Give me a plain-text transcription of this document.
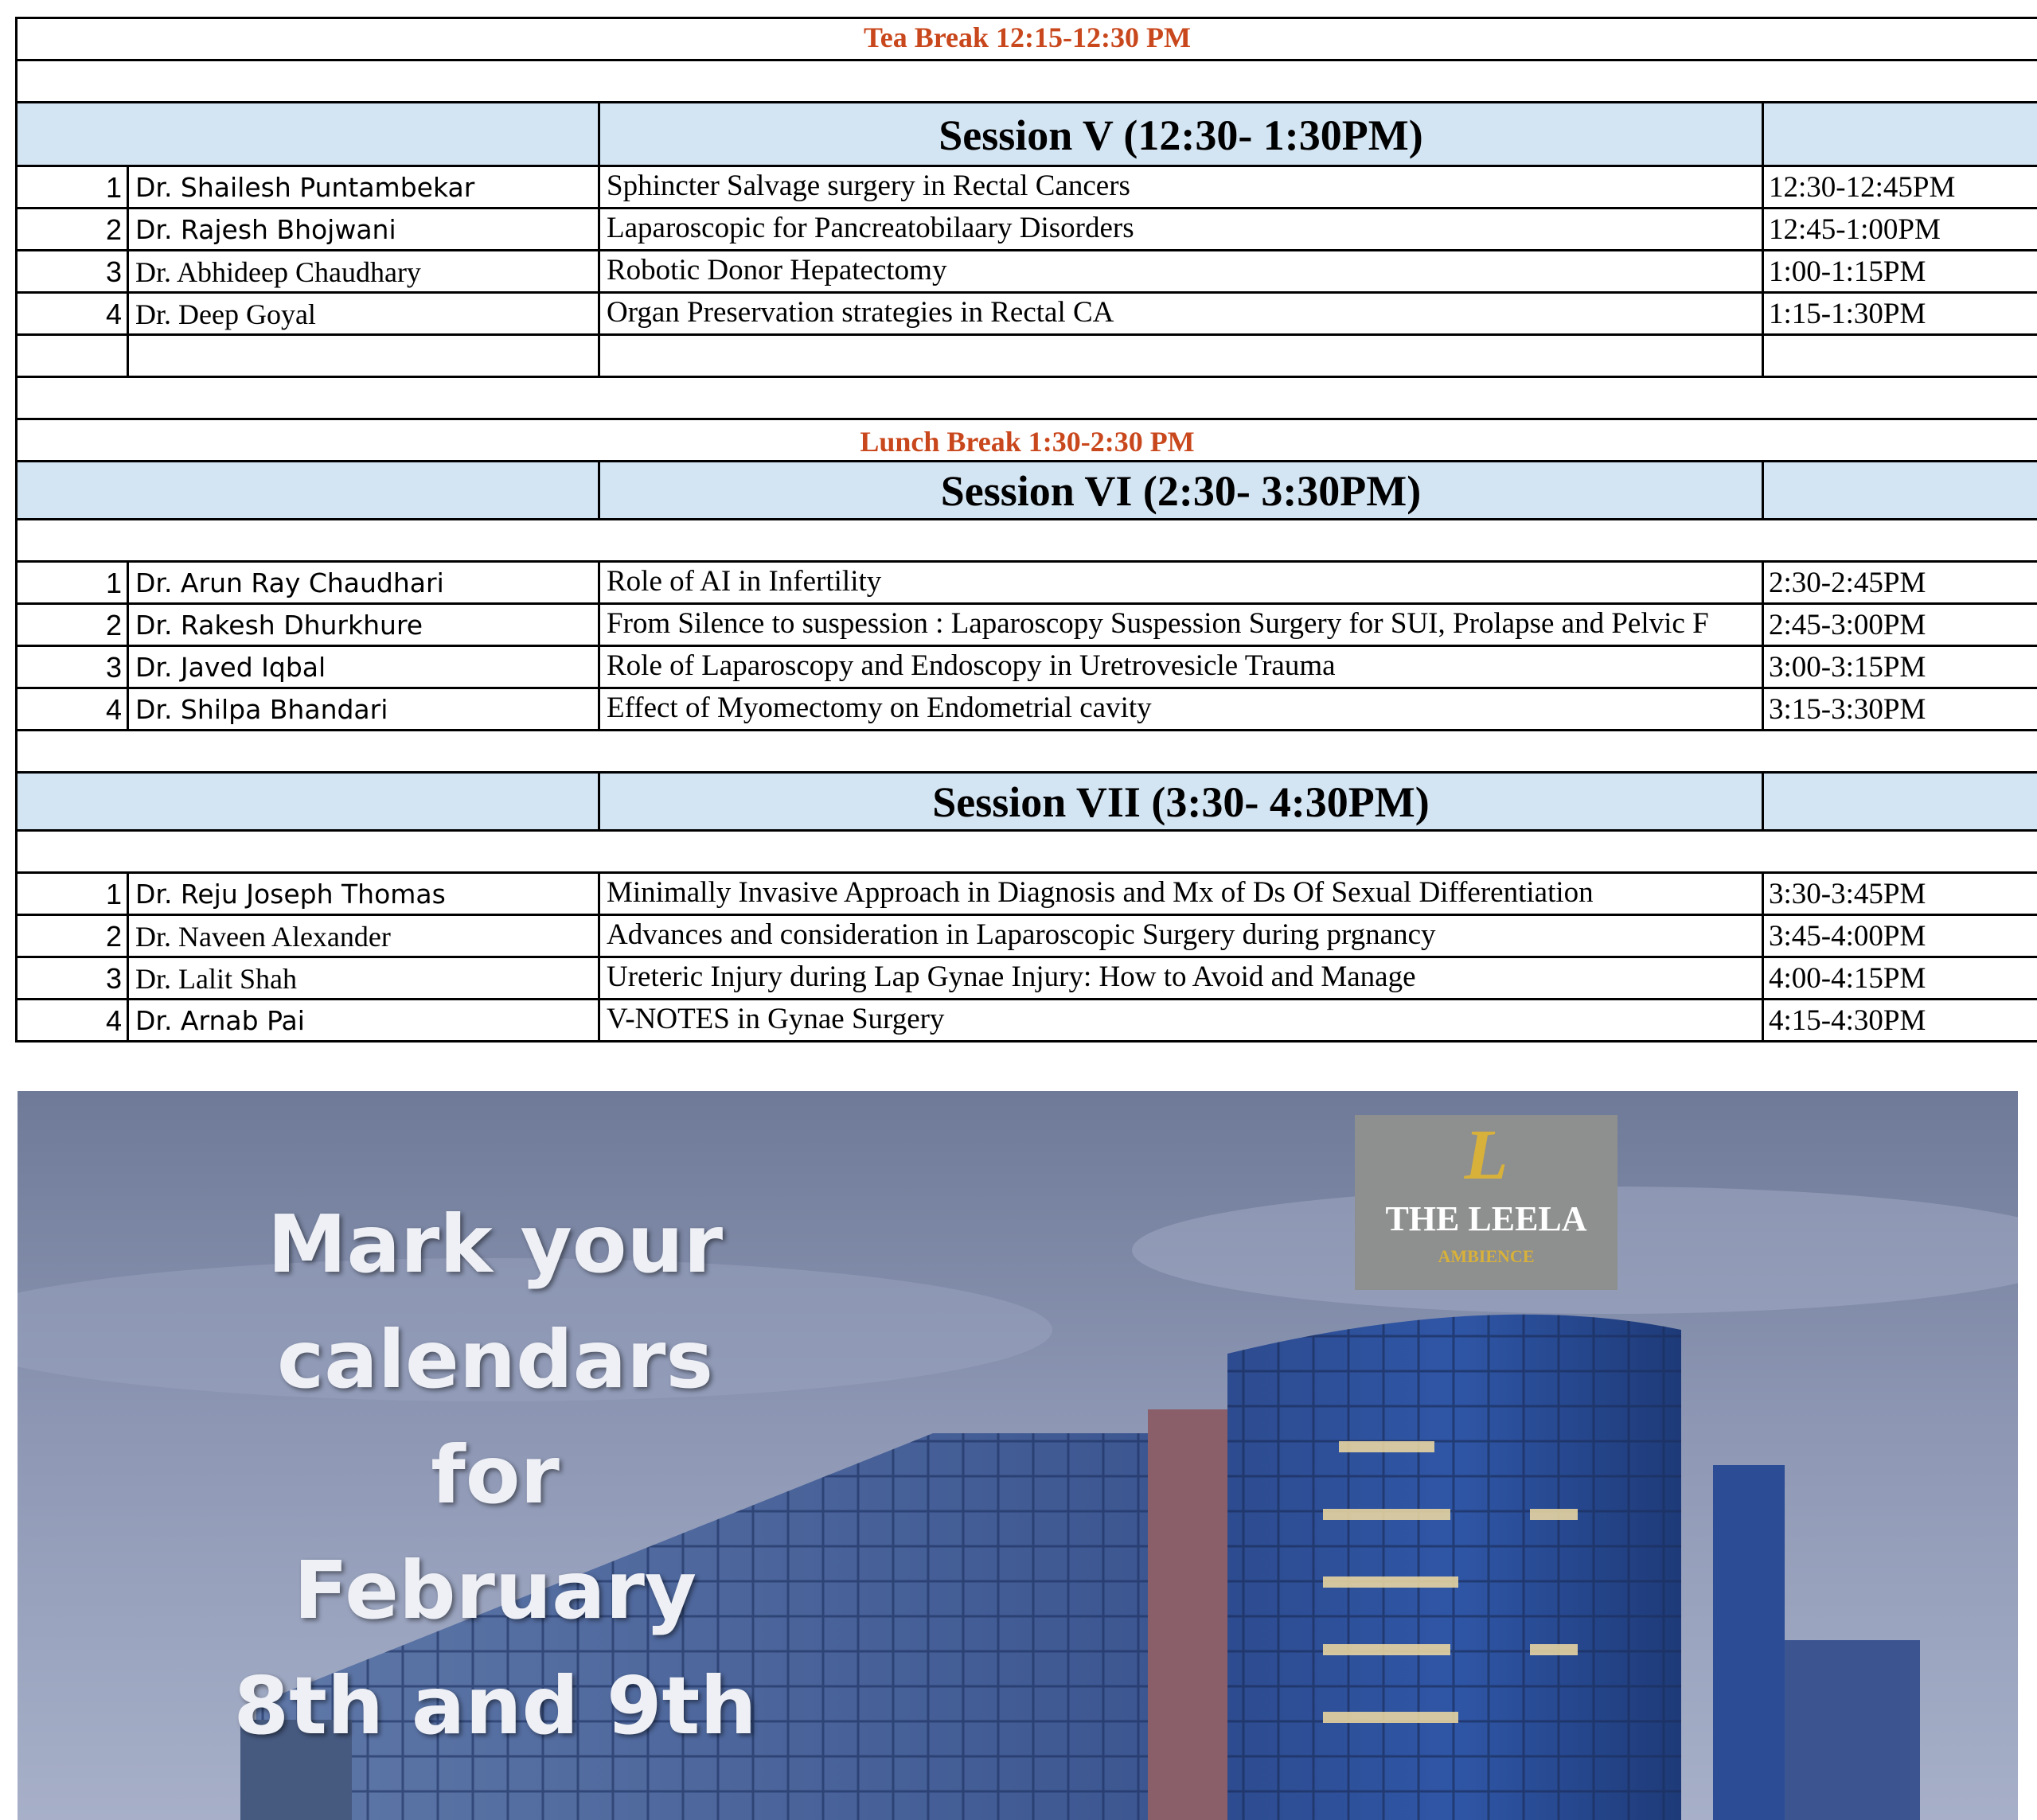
Tea Break 12:15-12:30 PM
Session V (12:30- 1:30PM)
1 Dr. Shailesh Puntambekar	Sphincter Salvage surgery in Rectal Cancers	12:30-12:45PM
2 Dr. Rajesh Bhojwani	Laparoscopic for Pancreatobilaary Disorders	12:45-1:00PM
3 Dr. Abhideep Chaudhary	Robotic Donor Hepatectomy	1:00-1:15PM
4 Dr. Deep Goyal	Organ Preservation strategies in Rectal CA	1:15-1:30PM
Lunch Break 1:30-2:30 PM
Session VI (2:30- 3:30PM)
1 Dr. Arun Ray Chaudhari	Role of AI in Infertility	2:30-2:45PM
2 Dr. Rakesh Dhurkhure	From Silence to suspession : Laparoscopy Suspession Surgery for SUI, Prolapse and Pelvic F	2:45-3:00PM
3 Dr. Javed Iqbal	Role of Laparoscopy and Endoscopy in Uretrovesicle Trauma	3:00-3:15PM
4 Dr. Shilpa Bhandari	Effect of Myomectomy on Endometrial cavity	3:15-3:30PM
Session VII (3:30- 4:30PM)
1 Dr. Reju Joseph Thomas	Minimally Invasive Approach in Diagnosis and Mx of Ds Of Sexual Differentiation	3:30-3:45PM
2 Dr. Naveen Alexander	Advances and consideration in Laparoscopic Surgery during prgnancy	3:45-4:00PM
3 Dr. Lalit Shah	Ureteric Injury during Lap Gynae Injury: How to Avoid and Manage	4:00-4:15PM
4 Dr. Arnab Pai	V-NOTES in Gynae Surgery	4:15-4:30PM
L
THE LEELA
AMBIENCE
Mark your
calendars
for
February
8th and 9th
